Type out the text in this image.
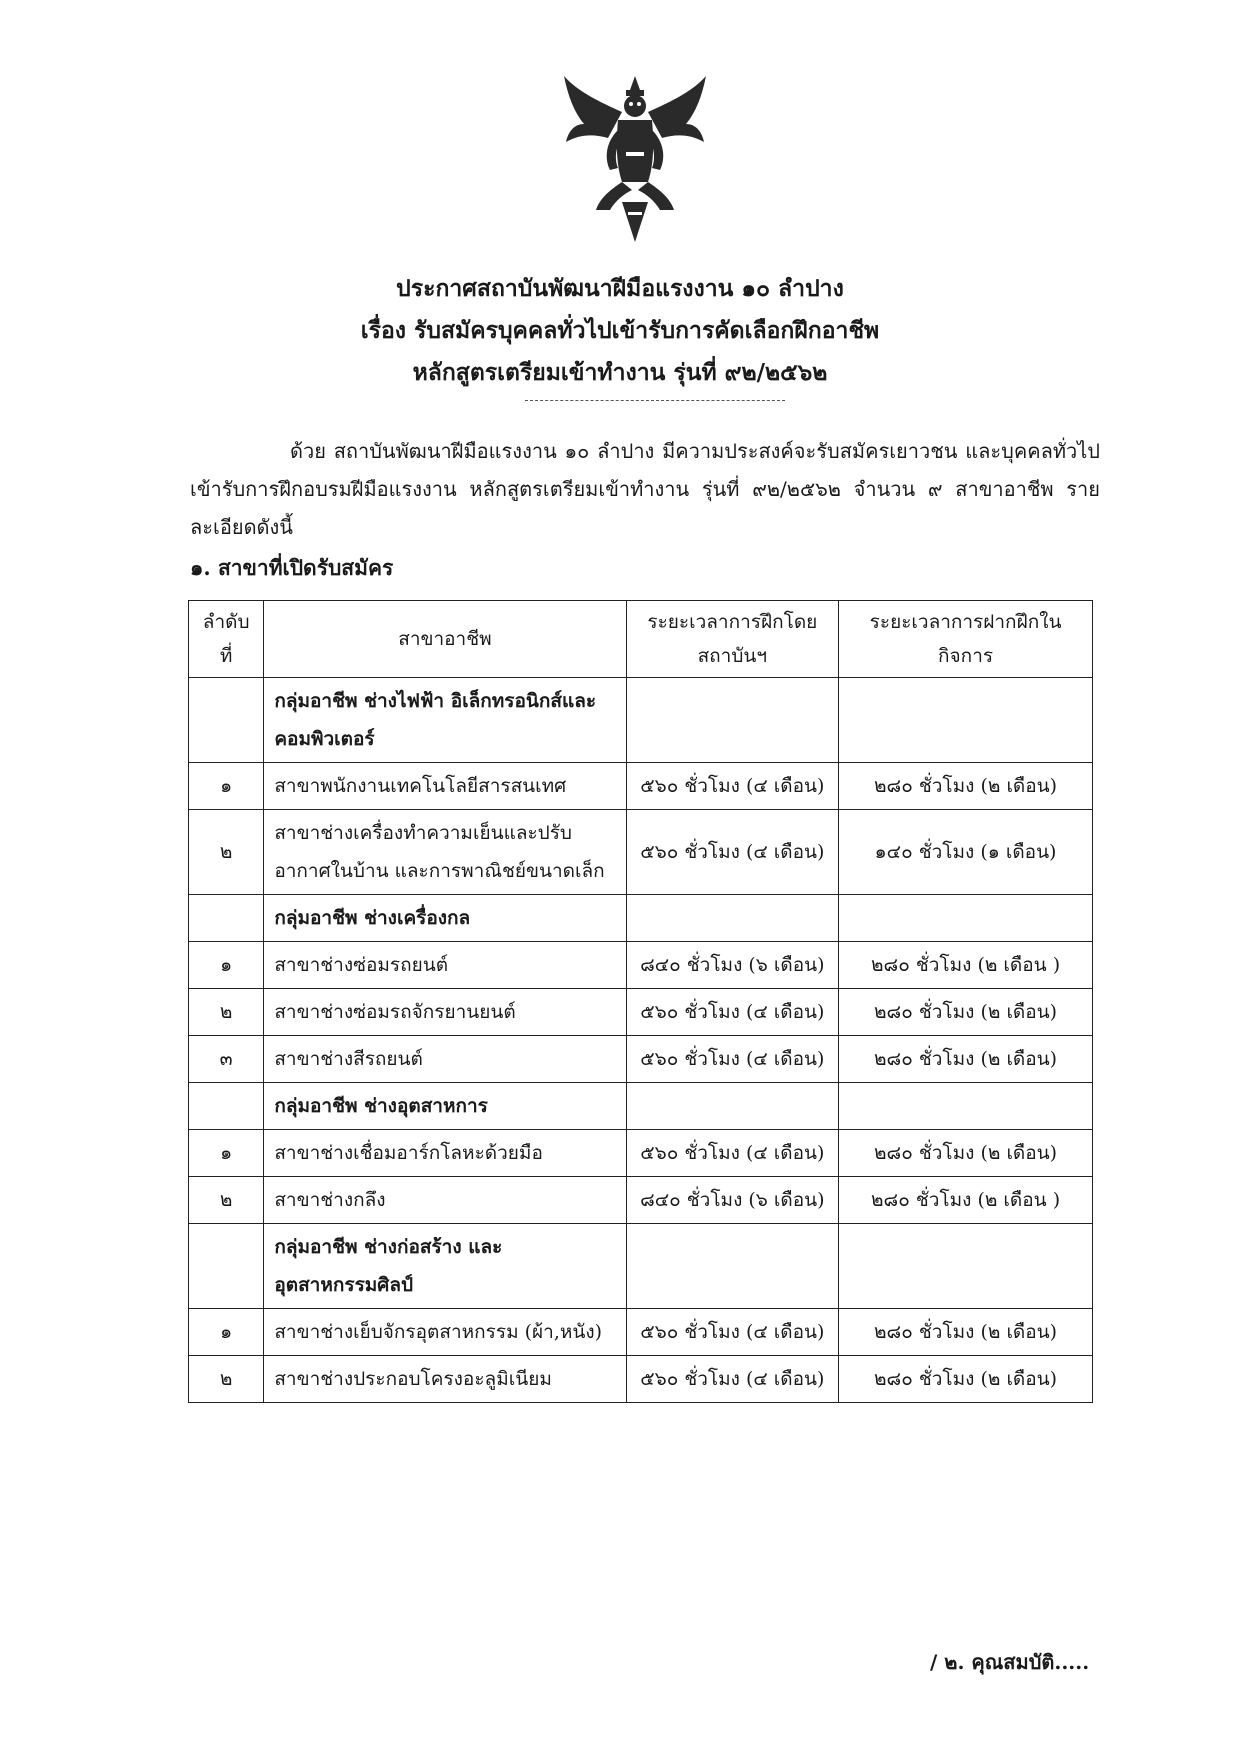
ประกาศสถาบันพัฒนาฝีมือแรงงาน ๑๐ ลำปาง
เรื่อง รับสมัครบุคคลทั่วไปเข้ารับการคัดเลือกฝึกอาชีพ
หลักสูตรเตรียมเข้าทำงาน รุ่นที่ ๙๒/๒๕๖๒

ด้วย สถาบันพัฒนาฝีมือแรงงาน ๑๐ ลำปาง มีความประสงค์จะรับสมัครเยาวชน และบุคคลทั่วไป เข้ารับการฝึกอบรมฝีมือแรงงาน หลักสูตรเตรียมเข้าทำงาน รุ่นที่ ๙๒/๒๕๖๒ จำนวน ๙ สาขาอาชีพ รายละเอียดดังนี้

๑. สาขาที่เปิดรับสมัคร
ลำดับที่	สาขาอาชีพ	ระยะเวลาการฝึกโดยสถาบันฯ	ระยะเวลาการฝากฝึกในกิจการ
	กลุ่มอาชีพ ช่างไฟฟ้า อิเล็กทรอนิกส์และคอมพิวเตอร์		
๑	สาขาพนักงานเทคโนโลยีสารสนเทศ	๕๖๐ ชั่วโมง (๔ เดือน)	๒๘๐ ชั่วโมง (๒ เดือน)
๒	สาขาช่างเครื่องทำความเย็นและปรับอากาศในบ้าน และการพาณิชย์ขนาดเล็ก	๕๖๐ ชั่วโมง (๔ เดือน)	๑๔๐ ชั่วโมง (๑ เดือน)
	กลุ่มอาชีพ ช่างเครื่องกล		
๑	สาขาช่างซ่อมรถยนต์	๘๔๐ ชั่วโมง (๖ เดือน)	๒๘๐ ชั่วโมง (๒ เดือน )
๒	สาขาช่างซ่อมรถจักรยานยนต์	๕๖๐ ชั่วโมง (๔ เดือน)	๒๘๐ ชั่วโมง (๒ เดือน)
๓	สาขาช่างสีรถยนต์	๕๖๐ ชั่วโมง (๔ เดือน)	๒๘๐ ชั่วโมง (๒ เดือน)
	กลุ่มอาชีพ ช่างอุตสาหการ		
๑	สาขาช่างเชื่อมอาร์กโลหะด้วยมือ	๕๖๐ ชั่วโมง (๔ เดือน)	๒๘๐ ชั่วโมง (๒ เดือน)
๒	สาขาช่างกลึง	๘๔๐ ชั่วโมง (๖ เดือน)	๒๘๐ ชั่วโมง (๒ เดือน )
	กลุ่มอาชีพ ช่างก่อสร้าง และอุตสาหกรรมศิลป์		
๑	สาขาช่างเย็บจักรอุตสาหกรรม (ผ้า,หนัง)	๕๖๐ ชั่วโมง (๔ เดือน)	๒๘๐ ชั่วโมง (๒ เดือน)
๒	สาขาช่างประกอบโครงอะลูมิเนียม	๕๖๐ ชั่วโมง (๔ เดือน)	๒๘๐ ชั่วโมง (๒ เดือน)
/ ๒. คุณสมบัติ.....
